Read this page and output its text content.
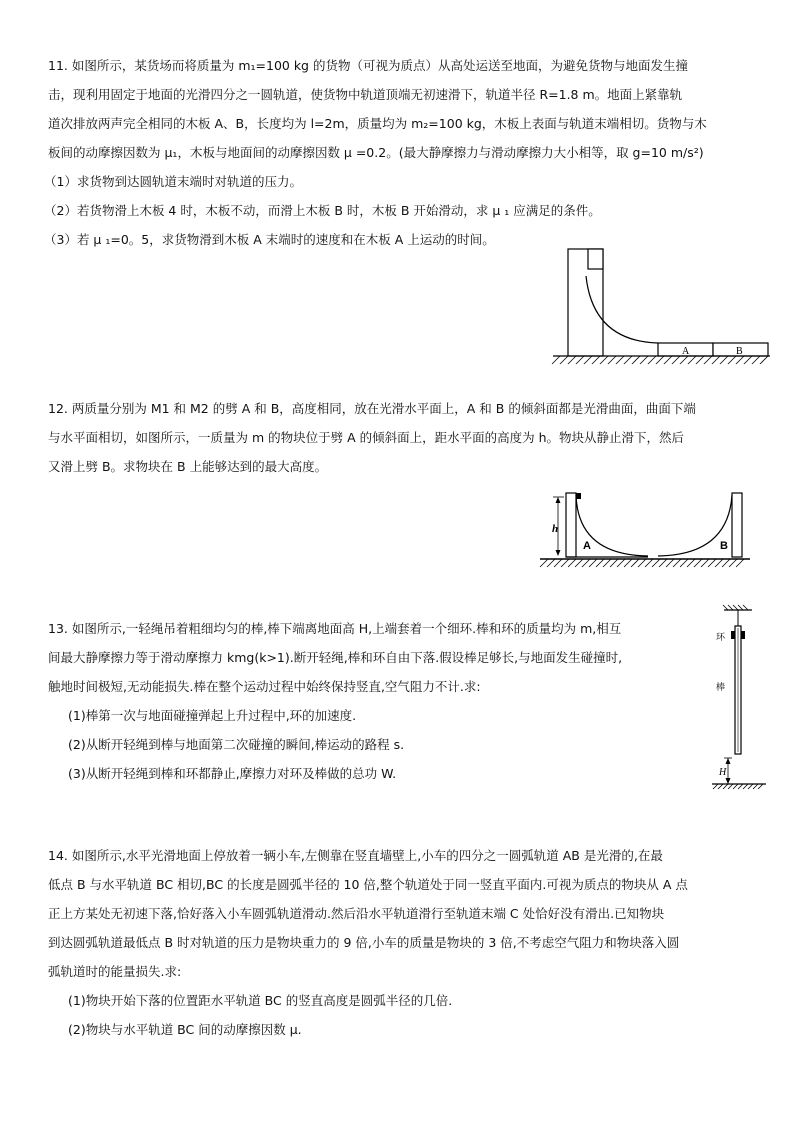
11. 如图所示，某货场而将质量为 m₁=100 kg 的货物（可视为质点）从高处运送至地面，为避免货物与地面发生撞

击，现利用固定于地面的光滑四分之一圆轨道，使货物中轨道顶端无初速滑下，轨道半径 R=1.8 m。地面上紧靠轨

道次排放两声完全相同的木板 A、B，长度均为 l=2m，质量均为 m₂=100 kg，木板上表面与轨道末端相切。货物与木

板间的动摩擦因数为 μ₁，木板与地面间的动摩擦因数 μ =0.2。(最大静摩擦力与滑动摩擦力大小相等，取 g=10 m/s²)

（1）求货物到达圆轨道末端时对轨道的压力。

（2）若货物滑上木板 4 时，木板不动，而滑上木板 B 时，木板 B 开始滑动，求 μ ₁ 应满足的条件。

（3）若 μ ₁=0。5，求货物滑到木板 A 末端时的速度和在木板 A 上运动的时间。

A	B

12. 两质量分别为 M1 和 M2 的劈 A 和 B，高度相同，放在光滑水平面上，A 和 B 的倾斜面都是光滑曲面，曲面下端

与水平面相切，如图所示，一质量为 m 的物块位于劈 A 的倾斜面上，距水平面的高度为 h。物块从静止滑下，然后

又滑上劈 B。求物块在 B 上能够达到的最大高度。

h
A	B

13. 如图所示,一轻绳吊着粗细均匀的棒,棒下端离地面高 H,上端套着一个细环.棒和环的质量均为 m,相互

间最大静摩擦力等于滑动摩擦力 kmg(k>1).断开轻绳,棒和环自由下落.假设棒足够长,与地面发生碰撞时,

触地时间极短,无动能损失.棒在整个运动过程中始终保持竖直,空气阻力不计.求:

(1)棒第一次与地面碰撞弹起上升过程中,环的加速度.

(2)从断开轻绳到棒与地面第二次碰撞的瞬间,棒运动的路程 s.

(3)从断开轻绳到棒和环都静止,摩擦力对环及棒做的总功 W.

环
棒
H

14. 如图所示,水平光滑地面上停放着一辆小车,左侧靠在竖直墙壁上,小车的四分之一圆弧轨道 AB 是光滑的,在最

低点 B 与水平轨道 BC 相切,BC 的长度是圆弧半径的 10 倍,整个轨道处于同一竖直平面内.可视为质点的物块从 A 点

正上方某处无初速下落,恰好落入小车圆弧轨道滑动.然后沿水平轨道滑行至轨道末端 C 处恰好没有滑出.已知物块

到达圆弧轨道最低点 B 时对轨道的压力是物块重力的 9 倍,小车的质量是物块的 3 倍,不考虑空气阻力和物块落入圆

弧轨道时的能量损失.求:

(1)物块开始下落的位置距水平轨道 BC 的竖直高度是圆弧半径的几倍.

(2)物块与水平轨道 BC 间的动摩擦因数 μ.
